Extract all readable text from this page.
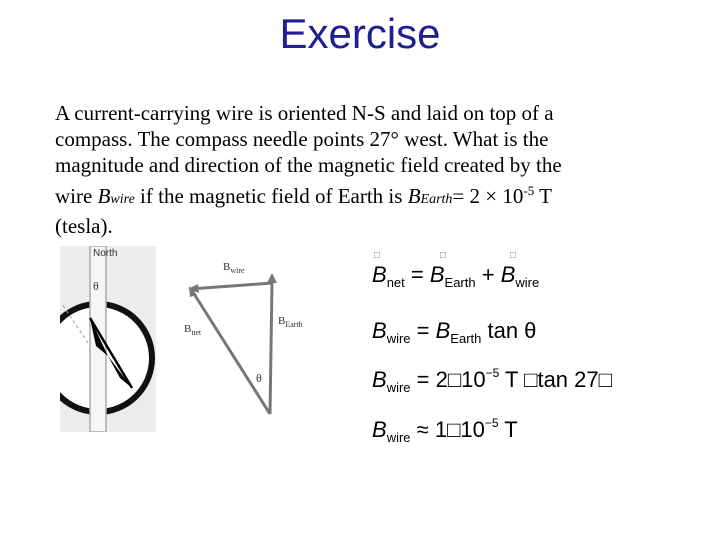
Exercise
A current-carrying wire is oriented N-S and laid on top of a
compass. The compass needle points 27° west. What is the
magnitude and direction of the magnetic field created by the
wire Bwire if the magnetic field of Earth is BEarth= $2 \times 10^{-5}$ T
(tesla).
North
θ
$B_{wire}$
$B_{net}$
$B_{Earth}$
θ
$B_{net} = B_{Earth} + B_{wire}$
□	□	□
$B_{wire} = B_{Earth}$ tan θ
$B_{wire}$ = $2□10^{-5}$ T □tan 27□
$B_{wire}$ ≈ $1□10^{-5}$ T
